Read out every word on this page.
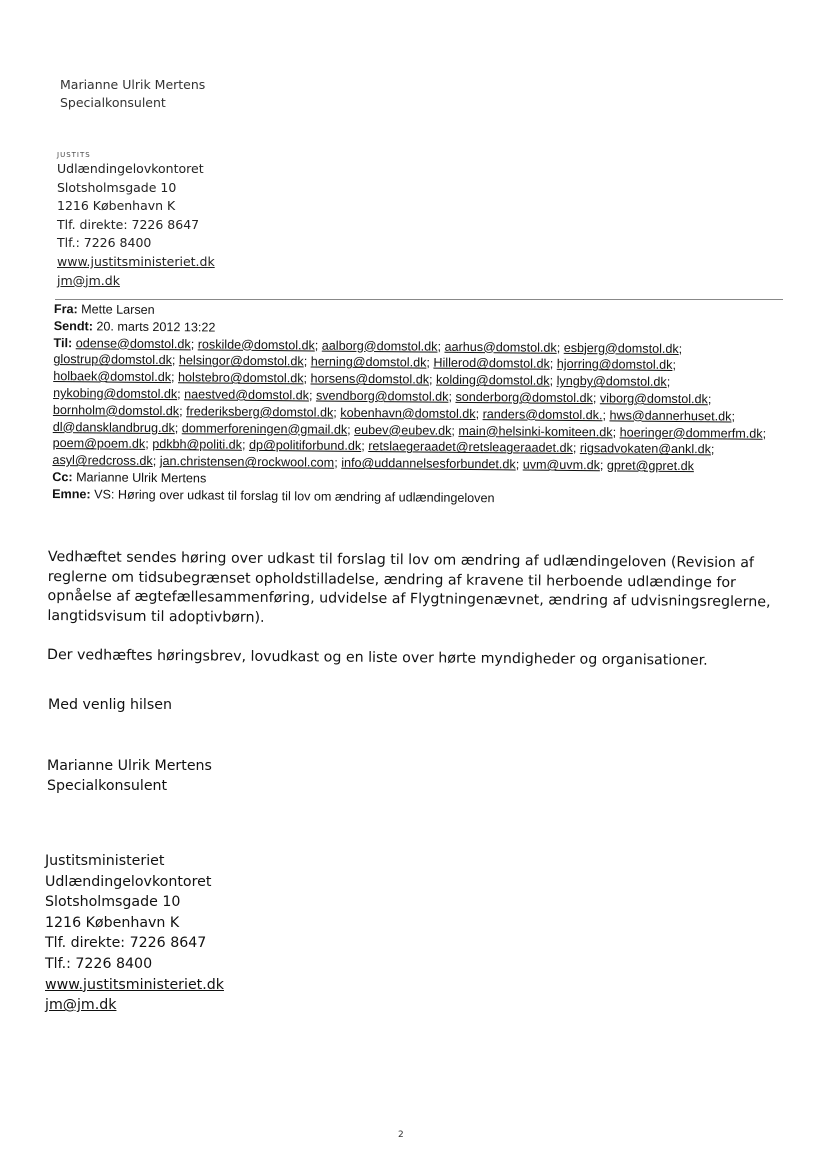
Marianne Ulrik Mertens
Specialkonsulent
JUSTITS
Udlændingelovkontoret
Slotsholmsgade 10
1216 København K
Tlf. direkte: 7226 8647
Tlf.: 7226 8400
www.justitsministeriet.dk
jm@jm.dk
Fra: Mette Larsen
Sendt: 20. marts 2012 13:22
Til: odense@domstol.dk; roskilde@domstol.dk; aalborg@domstol.dk; aarhus@domstol.dk; esbjerg@domstol.dk; glostrup@domstol.dk; helsingor@domstol.dk; herning@domstol.dk; Hillerod@domstol.dk; hjorring@domstol.dk; holbaek@domstol.dk; holstebro@domstol.dk; horsens@domstol.dk; kolding@domstol.dk; lyngby@domstol.dk; nykobing@domstol.dk; naestved@domstol.dk; svendborg@domstol.dk; sonderborg@domstol.dk; viborg@domstol.dk; bornholm@domstol.dk; frederiksberg@domstol.dk; kobenhavn@domstol.dk; randers@domstol.dk.; hws@dannerhuset.dk; dl@dansklandbrug.dk; dommerforeningen@gmail.dk; eubev@eubev.dk; main@helsinki-komiteen.dk; hoeringer@dommerfm.dk; poem@poem.dk; pdkbh@politi.dk; dp@politiforbund.dk; retslaegeraadet@retsleageraadet.dk; rigsadvokaten@ankl.dk; asyl@redcross.dk; jan.christensen@rockwool.com; info@uddannelsesforbundet.dk; uvm@uvm.dk; gpret@gpret.dk
Cc: Marianne Ulrik Mertens
Emne: VS: Høring over udkast til forslag til lov om ændring af udlændingeloven

Vedhæftet sendes høring over udkast til forslag til lov om ændring af udlændingeloven (Revision af reglerne om tidsubegrænset opholdstilladelse, ændring af kravene til herboende udlændinge for opnåelse af ægtefællesammenføring, udvidelse af Flygtningenævnet, ændring af udvisningsreglerne, langtidsvisum til adoptivbørn).

Der vedhæftes høringsbrev, lovudkast og en liste over hørte myndigheder og organisationer.

Med venlig hilsen
Marianne Ulrik Mertens
Specialkonsulent
Justitsministeriet
Udlændingelovkontoret
Slotsholmsgade 10
1216 København K
Tlf. direkte: 7226 8647
Tlf.: 7226 8400
www.justitsministeriet.dk
jm@jm.dk
2
